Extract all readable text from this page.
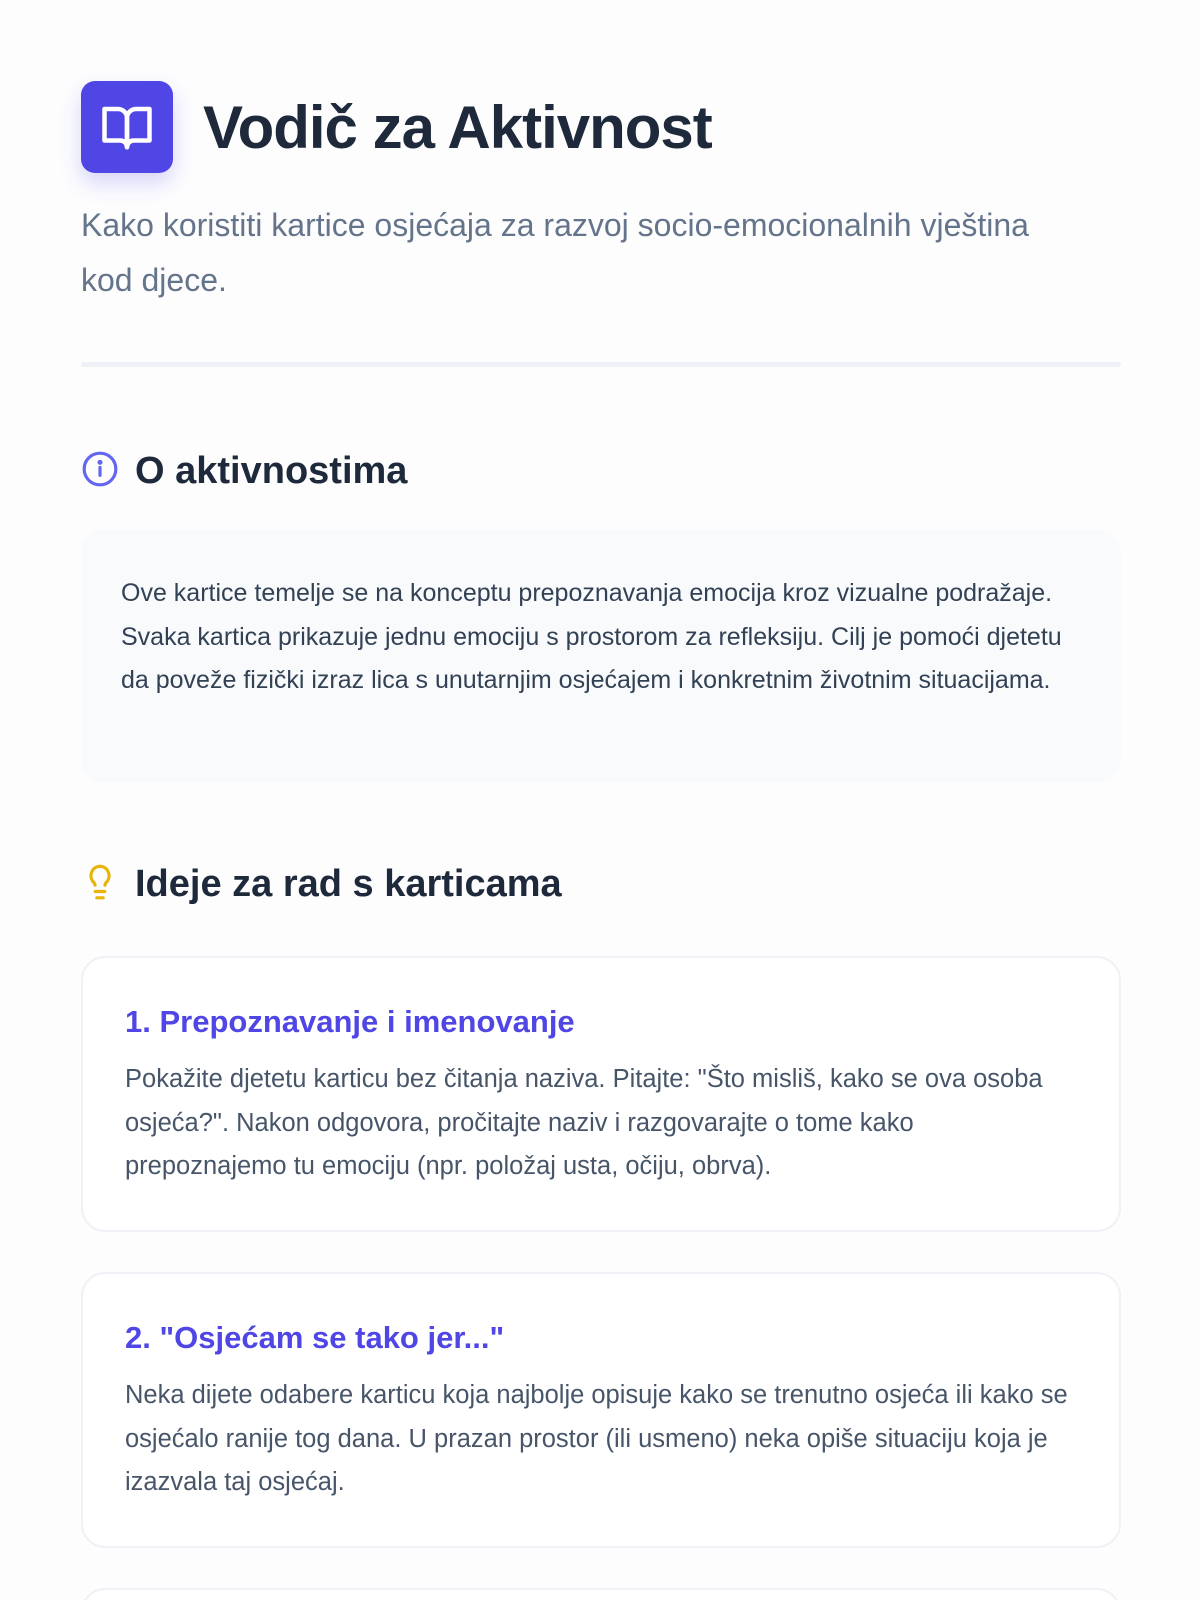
Vodič za Aktivnost

Kako koristiti kartice osjećaja za razvoj socio-emocionalnih vještina kod djece.

O aktivnostima

Ove kartice temelje se na konceptu prepoznavanja emocija kroz vizualne podražaje. Svaka kartica prikazuje jednu emociju s prostorom za refleksiju. Cilj je pomoći djetetu da poveže fizički izraz lica s unutarnjim osjećajem i konkretnim životnim situacijama.

Ideje za rad s karticama
1. Prepoznavanje i imenovanje

Pokažite djetetu karticu bez čitanja naziva. Pitajte: "Što misliš, kako se ova osoba osjeća?". Nakon odgovora, pročitajte naziv i razgovarajte o tome kako prepoznajemo tu emociju (npr. položaj usta, očiju, obrva).

2. "Osjećam se tako jer..."

Neka dijete odabere karticu koja najbolje opisuje kako se trenutno osjeća ili kako se osjećalo ranije tog dana. U prazan prostor (ili usmeno) neka opiše situaciju koja je izazvala taj osjećaj.
